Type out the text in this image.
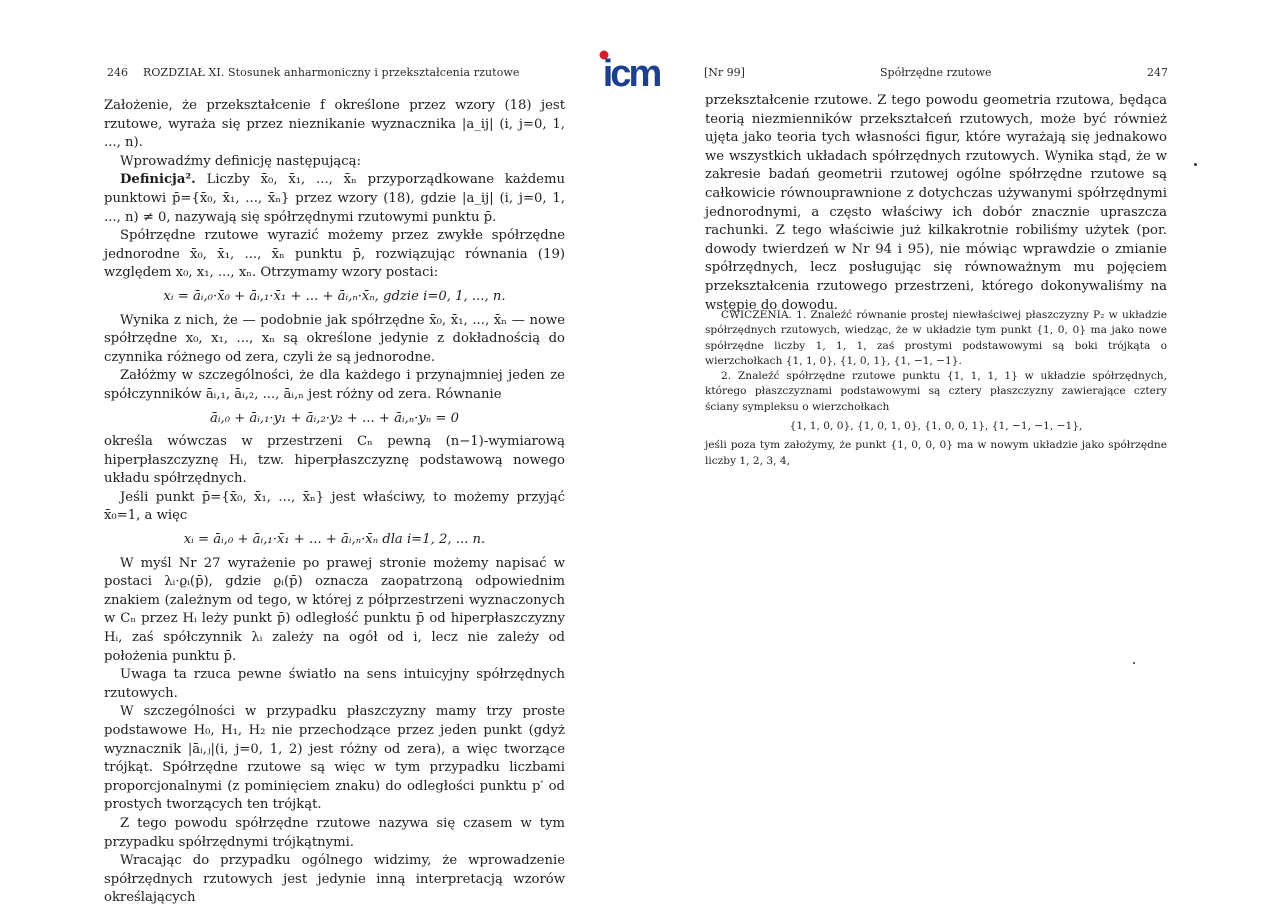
246 ROZDZIAŁ XI. Stosunek anharmoniczny i przekształcenia rzutowe

Założenie, że przekształcenie f określone przez wzory (18) jest rzutowe, wyraża się przez nieznikanie wyznacznika |a_ij| (i, j=0, 1, ..., n).

Wprowadźmy definicję następującą:

Definicja². Liczby x̄₀, x̄₁, ..., x̄ₙ przyporządkowane każdemu punktowi p̄={x̄₀, x̄₁, ..., x̄ₙ} przez wzory (18), gdzie |a_ij| (i, j=0, 1, ..., n) ≠ 0, nazywają się spółrzędnymi rzutowymi punktu p̄.

Spółrzędne rzutowe wyrazić możemy przez zwykłe spółrzędne jednorodne x̄₀, x̄₁, ..., x̄ₙ punktu p̄, rozwiązując równania (19) względem x₀, x₁, ..., xₙ. Otrzymamy wzory postaci:

xᵢ = āᵢ,₀·x̄₀ + āᵢ,₁·x̄₁ + ... + āᵢ,ₙ·x̄ₙ, gdzie i=0, 1, ..., n.

Wynika z nich, że — podobnie jak spółrzędne x̄₀, x̄₁, ..., x̄ₙ — nowe spółrzędne x₀, x₁, ..., xₙ są określone jedynie z dokładnością do czynnika różnego od zera, czyli że są jednorodne.

Załóżmy w szczególności, że dla każdego i przynajmniej jeden ze spółczynników āᵢ,₁, āᵢ,₂, ..., āᵢ,ₙ jest różny od zera. Równanie

āᵢ,₀ + āᵢ,₁·y₁ + āᵢ,₂·y₂ + ... + āᵢ,ₙ·yₙ = 0

określa wówczas w przestrzeni Cₙ pewną (n−1)-wymiarową hiperpłaszczyznę Hᵢ, tzw. hiperpłaszczyznę podstawową nowego układu spółrzędnych.

Jeśli punkt p̄={x̄₀, x̄₁, ..., x̄ₙ} jest właściwy, to możemy przyjąć x̄₀=1, a więc

xᵢ = āᵢ,₀ + āᵢ,₁·x̄₁ + ... + āᵢ,ₙ·x̄ₙ dla i=1, 2, ... n.

W myśl Nr 27 wyrażenie po prawej stronie możemy napisać w postaci λᵢ·ϱᵢ(p̄), gdzie ϱᵢ(p̄) oznacza zaopatrzoną odpowiednim znakiem (zależnym od tego, w której z półprzestrzeni wyznaczonych w Cₙ przez Hᵢ leży punkt p̄) odległość punktu p̄ od hiperpłaszczyzny Hᵢ, zaś spółczynnik λᵢ zależy na ogół od i, lecz nie zależy od położenia punktu p̄.

Uwaga ta rzuca pewne światło na sens intuicyjny spółrzędnych rzutowych.

W szczególności w przypadku płaszczyzny mamy trzy proste podstawowe H₀, H₁, H₂ nie przechodzące przez jeden punkt (gdyż wyznacznik |āᵢ,ⱼ|(i, j=0, 1, 2) jest różny od zera), a więc tworzące trójkąt. Spółrzędne rzutowe są więc w tym przypadku liczbami proporcjonalnymi (z pominięciem znaku) do odległości punktu p′ od prostych tworzących ten trójkąt.

Z tego powodu spółrzędne rzutowe nazywa się czasem w tym przypadku spółrzędnymi trójkątnymi.

Wracając do przypadku ogólnego widzimy, że wprowadzenie spółrzędnych rzutowych jest jedynie inną interpretacją wzorów określających

icm	[Nr 99]	Spółrzędne rzutowe	247

przekształcenie rzutowe. Z tego powodu geometria rzutowa, będąca teorią niezmienników przekształceń rzutowych, może być również ujęta jako teoria tych własności figur, które wyrażają się jednakowo we wszystkich układach spółrzędnych rzutowych. Wynika stąd, że w zakresie badań geometrii rzutowej ogólne spółrzędne rzutowe są całkowicie równouprawnione z dotychczas używanymi spółrzędnymi jednorodnymi, a często właściwy ich dobór znacznie upraszcza rachunki. Z tego właściwie już kilkakrotnie robiliśmy użytek (por. dowody twierdzeń w Nr 94 i 95), nie mówiąc wprawdzie o zmianie spółrzędnych, lecz posługując się równoważnym mu pojęciem przekształcenia rzutowego przestrzeni, którego dokonywaliśmy na wstępie do dowodu.

ĆWICZENIA. 1. Znaleźć równanie prostej niewłaściwej płaszczyzny P₂ w układzie spółrzędnych rzutowych, wiedząc, że w układzie tym punkt {1, 0, 0} ma jako nowe spółrzędne liczby 1, 1, 1, zaś prostymi podstawowymi są boki trójkąta o wierzchołkach {1, 1, 0}, {1, 0, 1}, {1, −1, −1}.

2. Znaleźć spółrzędne rzutowe punktu {1, 1, 1, 1} w układzie spółrzędnych, którego płaszczyznami podstawowymi są cztery płaszczyzny zawierające cztery ściany sympleksu o wierzchołkach

{1, 1, 0, 0}, {1, 0, 1, 0}, {1, 0, 0, 1}, {1, −1, −1, −1},

jeśli poza tym założymy, że punkt {1, 0, 0, 0} ma w nowym układzie jako spółrzędne liczby 1, 2, 3, 4,
